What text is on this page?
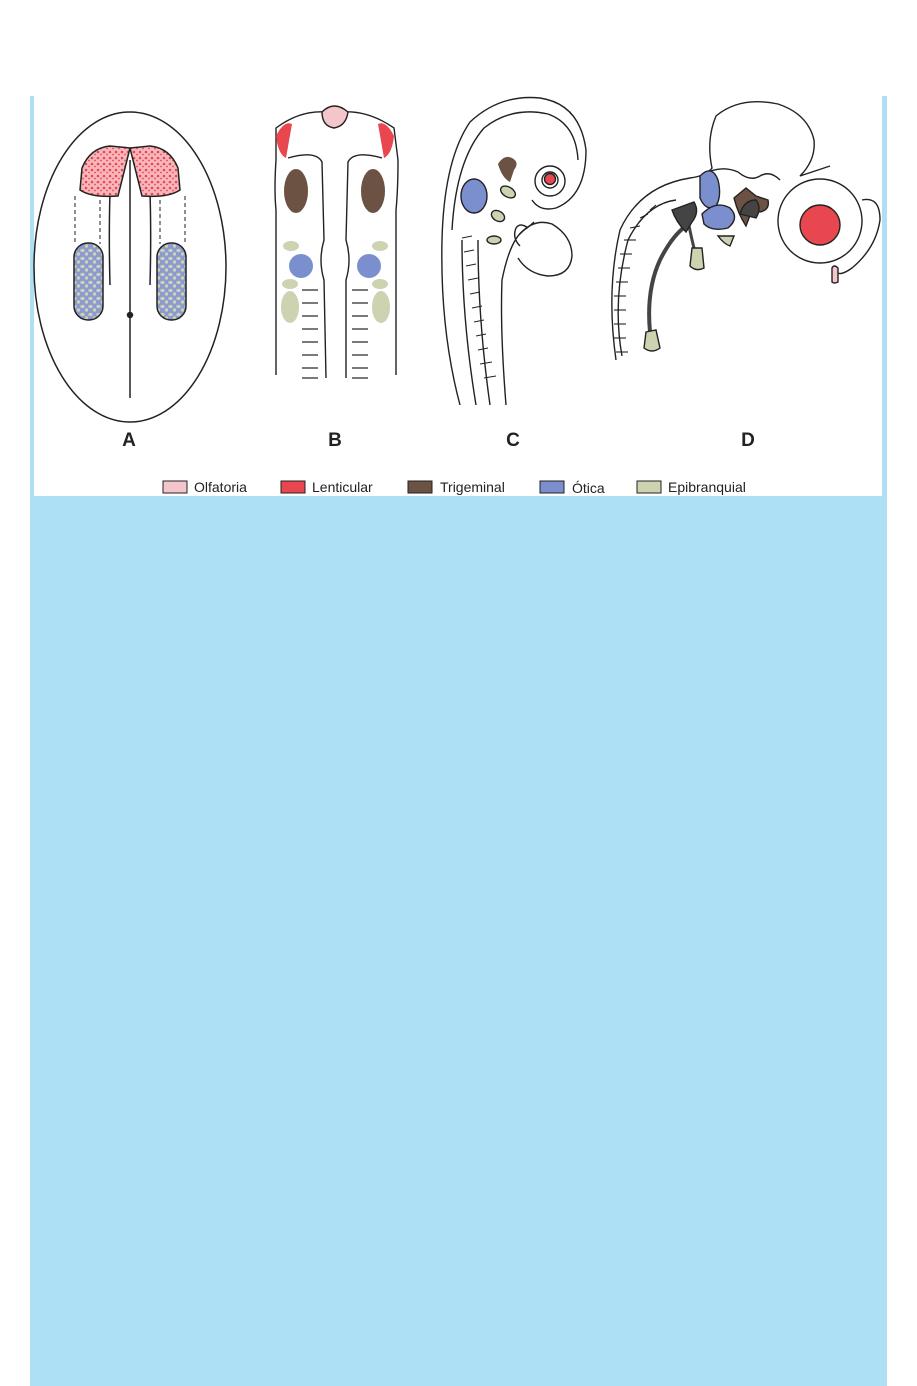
A	B	C	D
Olfatoria	Lenticular	Trigeminal	Ótica	Epibranquial
